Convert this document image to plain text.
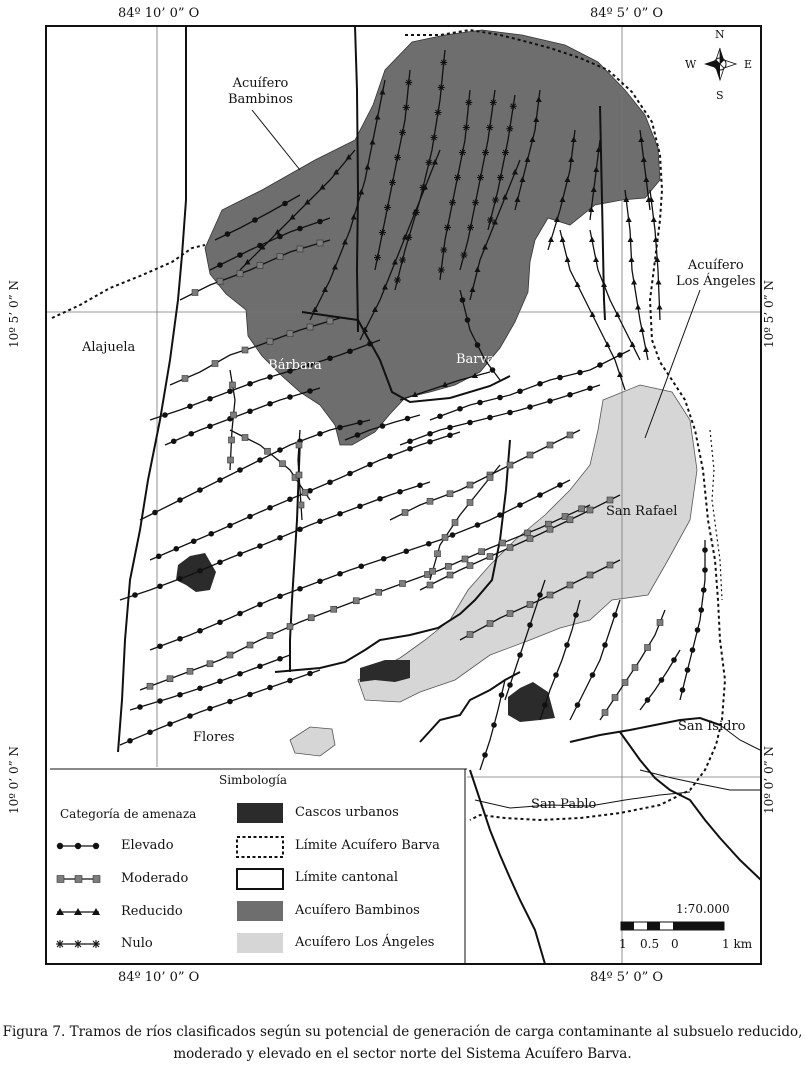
84º 10’ 0” O	84º 5’ 0” O
84º 10’ 0” O	84º 5’ 0” O
10º 5’ 0” N
10º 0’ 0” N
10º 5’ 0” N
10º 0’ 0” N
N
S
E
W
Acuífero
Bambinos
Acuífero
Los Ángeles
Alajuela
Santa Bárbara	Barva
San Rafael
Flores
San Isidro
San Pablo
Simbología
Categoría de amenaza
Elevado
Moderado
Reducido
Nulo
Cascos urbanos
Límite Acuífero Barva
Límite cantonal
Acuífero Bambinos
Acuífero Los Ángeles
1:70.000
1 0.5 0	1 km
Figura 7. Tramos de ríos clasificados según su potencial de generación de carga contaminante al subsuelo reducido,
moderado y elevado en el sector norte del Sistema Acuífero Barva.
